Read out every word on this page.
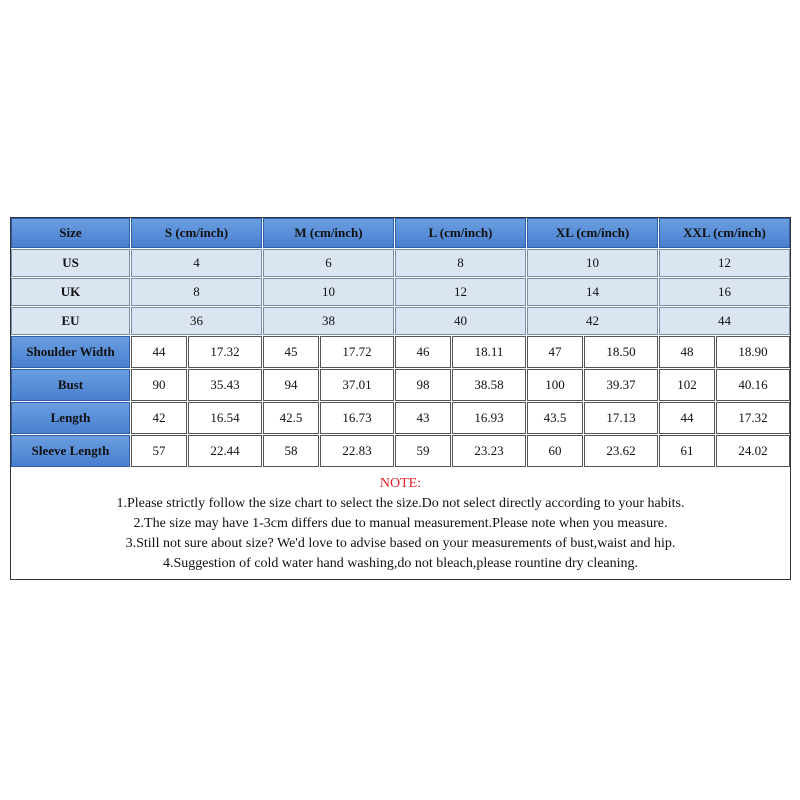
Size	S (cm/inch)	M (cm/inch)	L (cm/inch)	XL (cm/inch)	XXL (cm/inch)
US	4	6	8	10	12
UK	8	10	12	14	16
EU	36	38	40	42	44
Shoulder Width	44	17.32	45	17.72	46	18.11	47	18.50	48	18.90
Bust	90	35.43	94	37.01	98	38.58	100	39.37	102	40.16
Length	42	16.54	42.5	16.73	43	16.93	43.5	17.13	44	17.32
Sleeve Length	57	22.44	58	22.83	59	23.23	60	23.62	61	24.02
NOTE:
1.Please strictly follow the size chart to select the size.Do not select directly according to your habits.
2.The size may have 1-3cm differs due to manual measurement.Please note when you measure.
3.Still not sure about size? We'd love to advise based on your measurements of bust,waist and hip.
4.Suggestion of cold water hand washing,do not bleach,please rountine dry cleaning.
